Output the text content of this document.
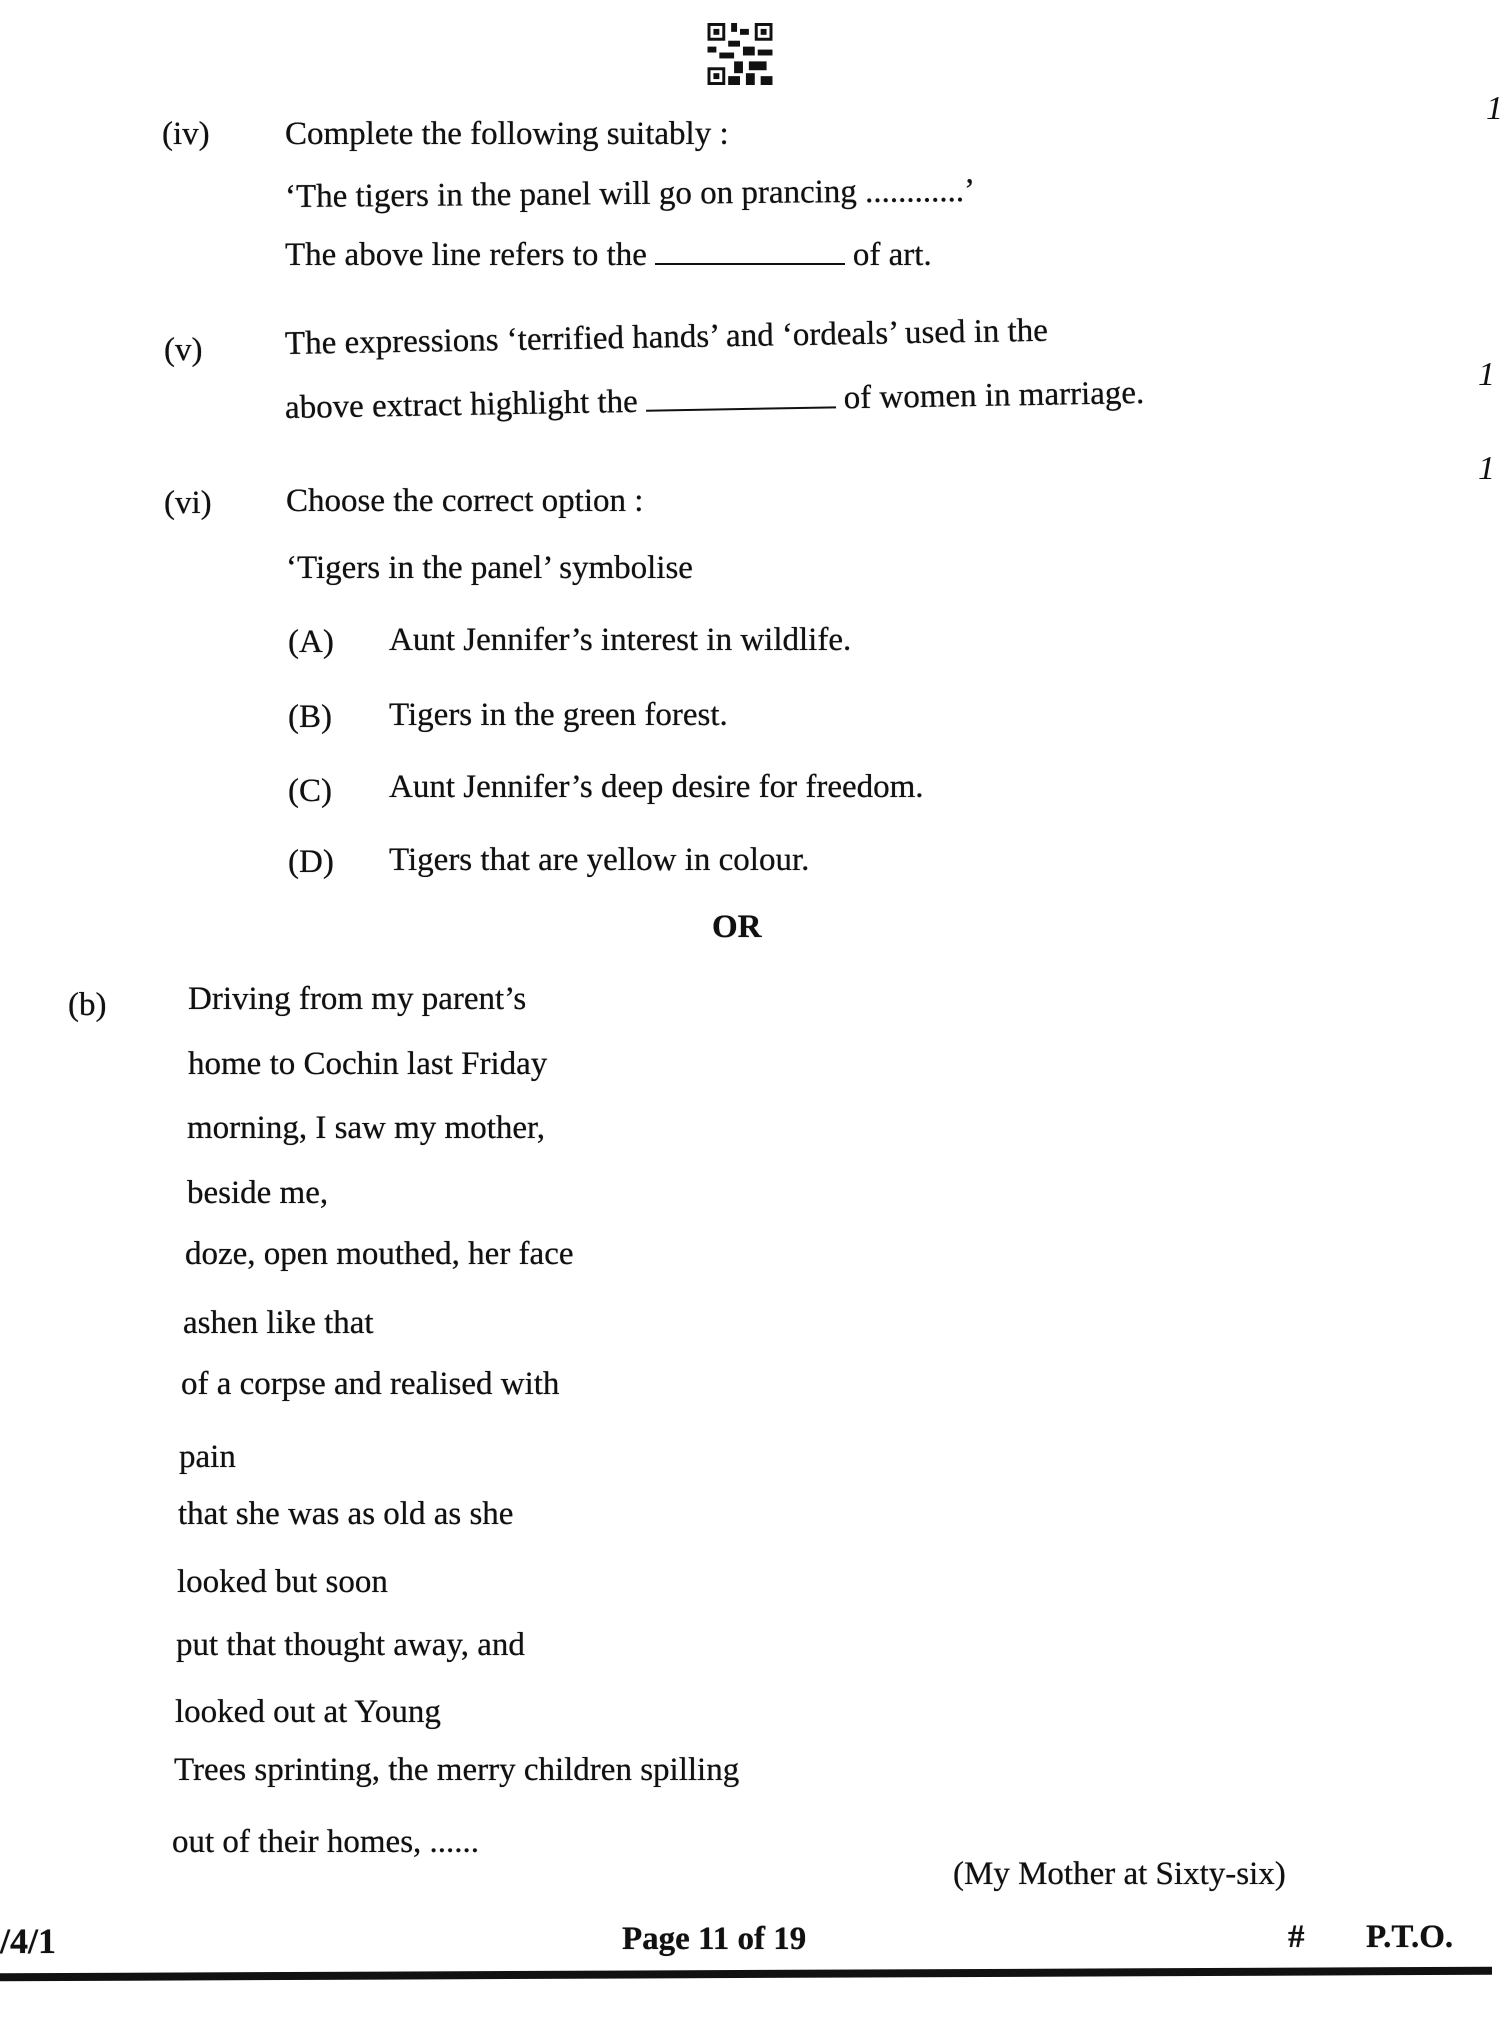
1
(iv) Complete the following suitably :
‘The tigers in the panel will go on prancing ............’
The above line refers to the	of art.
(v) The expressions ‘terrified hands’ and ‘ordeals’ used in the
above extract highlight the	of women in marriage.
1
1
(vi) Choose the correct option :
‘Tigers in the panel’ symbolise
(A) Aunt Jennifer’s interest in wildlife.
(B) Tigers in the green forest.
(C) Aunt Jennifer’s deep desire for freedom.
(D) Tigers that are yellow in colour.
OR
(b) Driving from my parent’s
home to Cochin last Friday
morning, I saw my mother,
beside me,
doze, open mouthed, her face
ashen like that
of a corpse and realised with
pain
that she was as old as she
looked but soon
put that thought away, and
looked out at Young
Trees sprinting, the merry children spilling
out of their homes, ......
(My Mother at Sixty-six)
/4/1	Page 11 of 19	# P.T.O.
